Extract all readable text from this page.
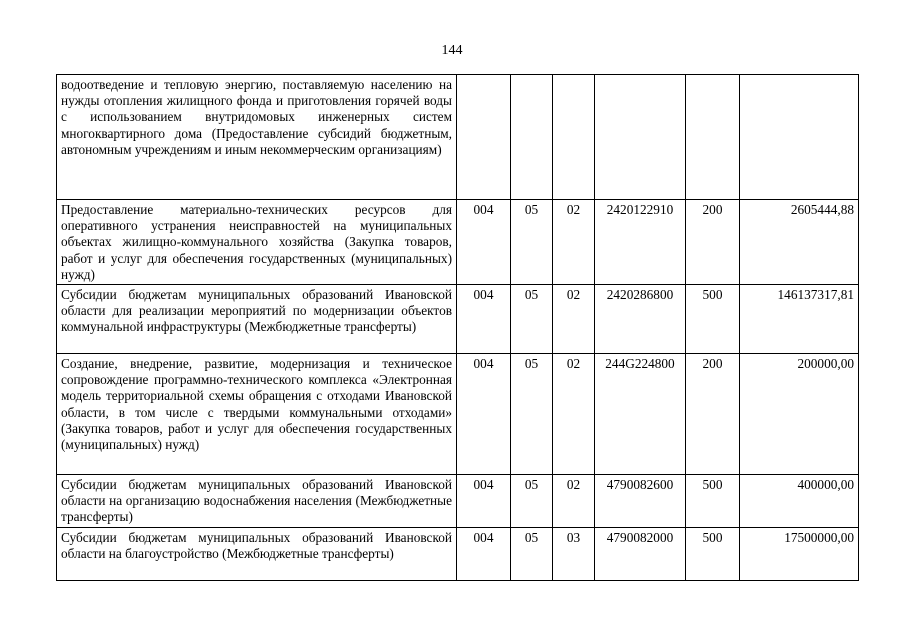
144
водоотведение и тепловую энергию, поставляемую населению на нужды отопления жилищного фонда и приготовления горячей воды с использованием внутридомовых инженерных систем многоквартирного дома (Предоставление субсидий бюджетным, автономным учреждениям и иным некоммерческим организациям)						
Предоставление материально-технических ресурсов для оперативного устранения неисправностей на муниципальных объектах жилищно-коммунального хозяйства (Закупка товаров, работ и услуг для обеспечения государственных (муниципальных) нужд)	004	05	02	2420122910	200	2605444,88
Субсидии бюджетам муниципальных образований Ивановской области для реализации мероприятий по модернизации объектов коммунальной инфраструктуры (Межбюджетные трансферты)	004	05	02	2420286800	500	146137317,81
Создание, внедрение, развитие, модернизация и техническое сопровождение программно-технического комплекса «Электронная модель территориальной схемы обращения с отходами Ивановской области, в том числе с твердыми коммунальными отходами» (Закупка товаров, работ и услуг для обеспечения государственных (муниципальных) нужд)	004	05	02	244G224800	200	200000,00
Субсидии бюджетам муниципальных образований Ивановской области на организацию водоснабжения населения (Межбюджетные трансферты)	004	05	02	4790082600	500	400000,00
Субсидии бюджетам муниципальных образований Ивановской области на благоустройство (Межбюджетные трансферты)	004	05	03	4790082000	500	17500000,00
